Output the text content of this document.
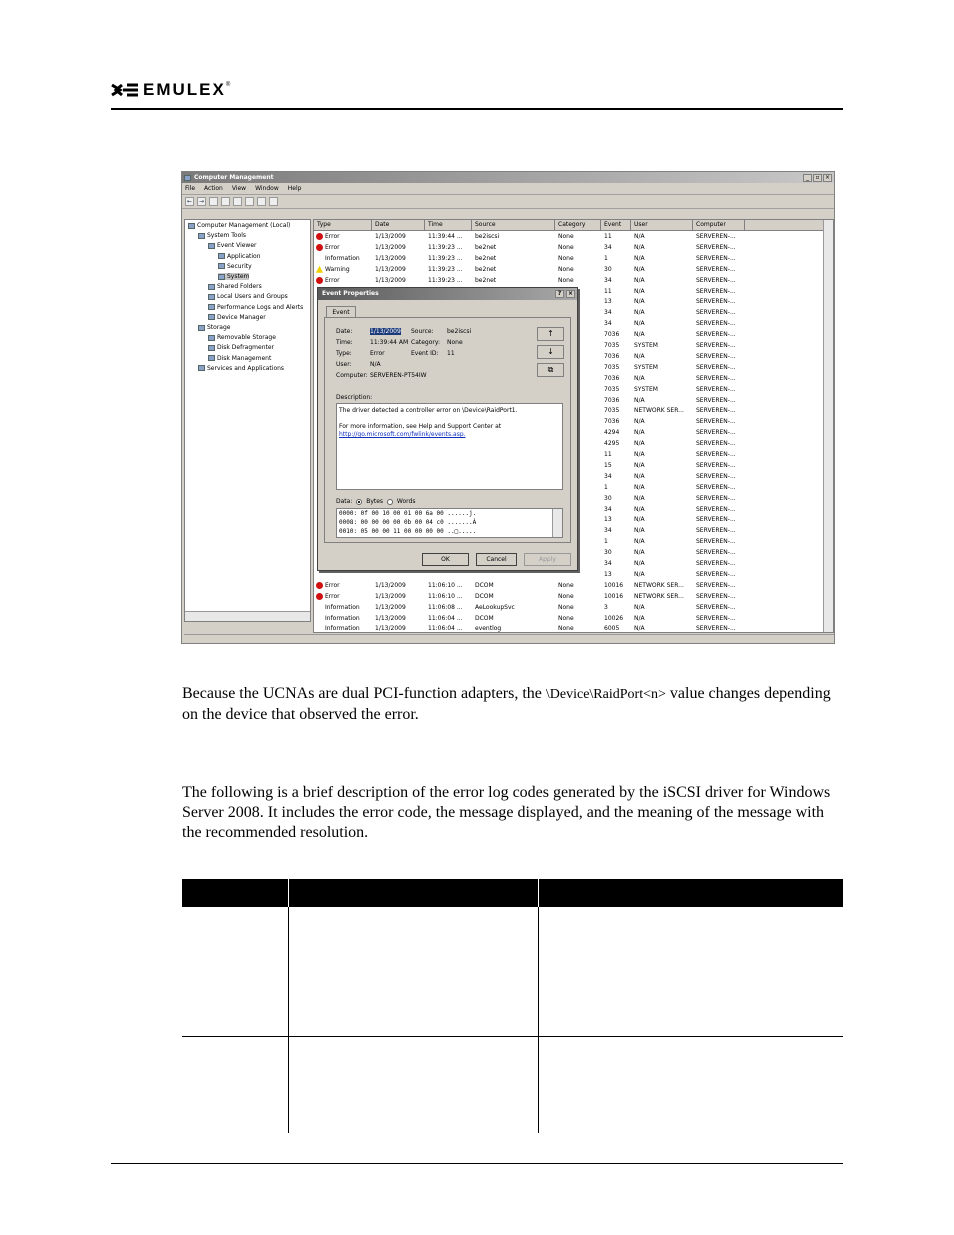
EMULEX ®
Computer Management	_	▫ ×
File Action View Window Help
←	→
Computer Management (Local)
System Tools
Event Viewer
Application
Security
System
Shared Folders
Local Users and Groups
Performance Logs and Alerts
Device Manager
Storage
Removable Storage
Disk Defragmenter
Disk Management
Services and Applications
Type	Date	Time	Source	Category	Event	User	Computer
Error	1/13/2009	11:39:44 ...	be2iscsi	None	11	N/A	SERVEREN-...
Error	1/13/2009	11:39:23 ...	be2net	None	34	N/A	SERVEREN-...
Information	1/13/2009	11:39:23 ...	be2net	None	1	N/A	SERVEREN-...
Warning	1/13/2009	11:39:23 ...	be2net	None	30	N/A	SERVEREN-...
Error	1/13/2009	11:39:23 ...	be2net	None	34	N/A	SERVEREN-...
11	N/A	SERVEREN-...
13	N/A	SERVEREN-...
34	N/A	SERVEREN-...
34	N/A	SERVEREN-...
7036	N/A	SERVEREN-...
7035	SYSTEM	SERVEREN-...
7036	N/A	SERVEREN-...
7035	SYSTEM	SERVEREN-...
7036	N/A	SERVEREN-...
7035	SYSTEM	SERVEREN-...
7036	N/A	SERVEREN-...
7035	NETWORK SER...	SERVEREN-...
7036	N/A	SERVEREN-...
4294	N/A	SERVEREN-...
4295	N/A	SERVEREN-...
11	N/A	SERVEREN-...
15	N/A	SERVEREN-...
34	N/A	SERVEREN-...
1	N/A	SERVEREN-...
30	N/A	SERVEREN-...
34	N/A	SERVEREN-...
13	N/A	SERVEREN-...
34	N/A	SERVEREN-...
1	N/A	SERVEREN-...
30	N/A	SERVEREN-...
34	N/A	SERVEREN-...
13	N/A	SERVEREN-...
Error	1/13/2009	11:06:10 ...	DCOM	None	10016	NETWORK SER...	SERVEREN-...
Error	1/13/2009	11:06:10 ...	DCOM	None	10016	NETWORK SER...	SERVEREN-...
Information	1/13/2009	11:06:08 ...	AeLookupSvc	None	3	N/A	SERVEREN-...
Information	1/13/2009	11:06:04 ...	DCOM	None	10026	N/A	SERVEREN-...
Information	1/13/2009	11:06:04 ...	eventlog	None	6005	N/A	SERVEREN-...
Event Properties	?	×
Event
Date:	1/13/2009 Source: be2iscsi
Time:	11:39:44 AM Category: None
Type:	Error	Event ID: 11
User:	N/A
Computer: SERVEREN-PT54IW
↑
↓
⧉
Description:
The driver detected a controller error on \Device\RaidPort1.
For more information, see Help and Support Center at
http://go.microsoft.com/fwlink/events.asp.
Data: Bytes Words
0000: 0f 00 10 00 01 00 6a 00 ......j.
0008: 00 00 00 00 0b 00 04 c0 .......À
0010: 05 00 00 11 00 00 00 00 ..□.....
OK	Cancel	Apply
Because the UCNAs are dual PCI-function adapters, the \Device\RaidPort<n> value changes depending on the device that observed the error.
The following is a brief description of the error log codes generated by the iSCSI driver for Windows Server 2008. It includes the error code, the message displayed, and the meaning of the message with the recommended resolution.
